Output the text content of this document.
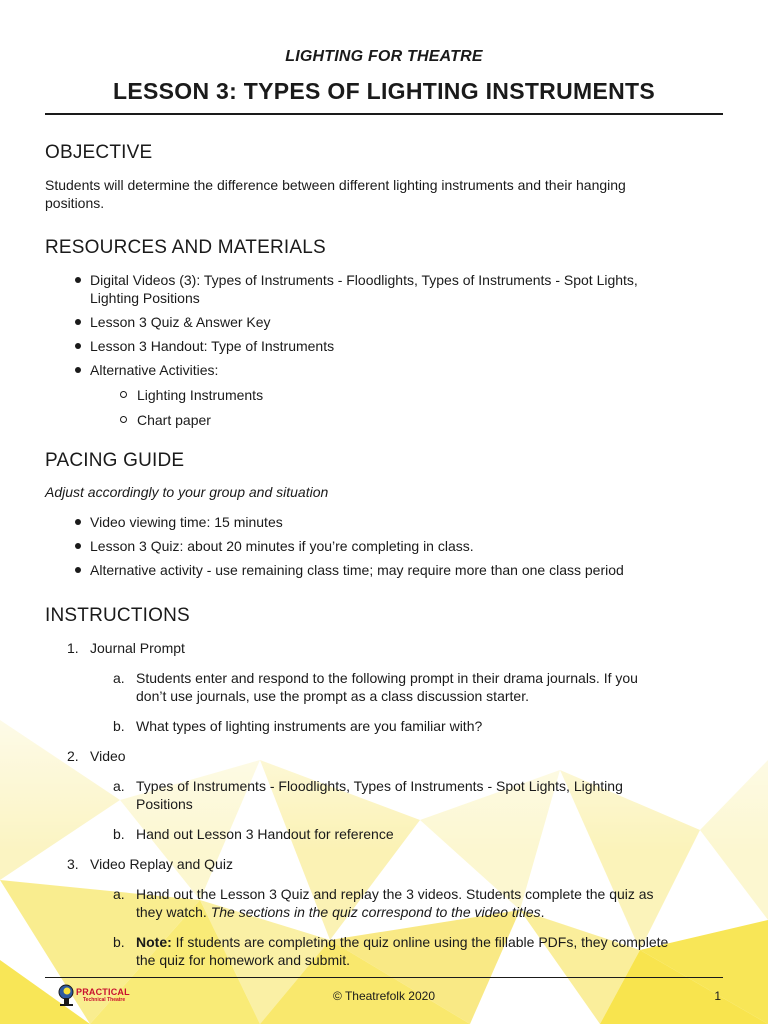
LIGHTING FOR THEATRE
LESSON 3: TYPES OF LIGHTING INSTRUMENTS
OBJECTIVE
Students will determine the difference between different lighting instruments and their hanging
positions.
RESOURCES AND MATERIALS
Digital Videos (3): Types of Instruments - Floodlights, Types of Instruments - Spot Lights,
Lighting Positions
Lesson 3 Quiz & Answer Key
Lesson 3 Handout: Type of Instruments
Alternative Activities:
Lighting Instruments
Chart paper
PACING GUIDE
Adjust accordingly to your group and situation
Video viewing time: 15 minutes
Lesson 3 Quiz: about 20 minutes if you’re completing in class.
Alternative activity - use remaining class time; may require more than one class period
INSTRUCTIONS
1. Journal Prompt
a. Students enter and respond to the following prompt in their drama journals. If you
don’t use journals, use the prompt as a class discussion starter.
b. What types of lighting instruments are you familiar with?
2. Video
a. Types of Instruments - Floodlights, Types of Instruments - Spot Lights, Lighting
Positions
b. Hand out Lesson 3 Handout for reference
3. Video Replay and Quiz
a. Hand out the Lesson 3 Quiz and replay the 3 videos. Students complete the quiz as
they watch. The sections in the quiz correspond to the video titles.
b. Note: If students are completing the quiz online using the fillable PDFs, they complete
the quiz for homework and submit.
PRACTICAL
Technical Theatre	© Theatrefolk 2020	1
